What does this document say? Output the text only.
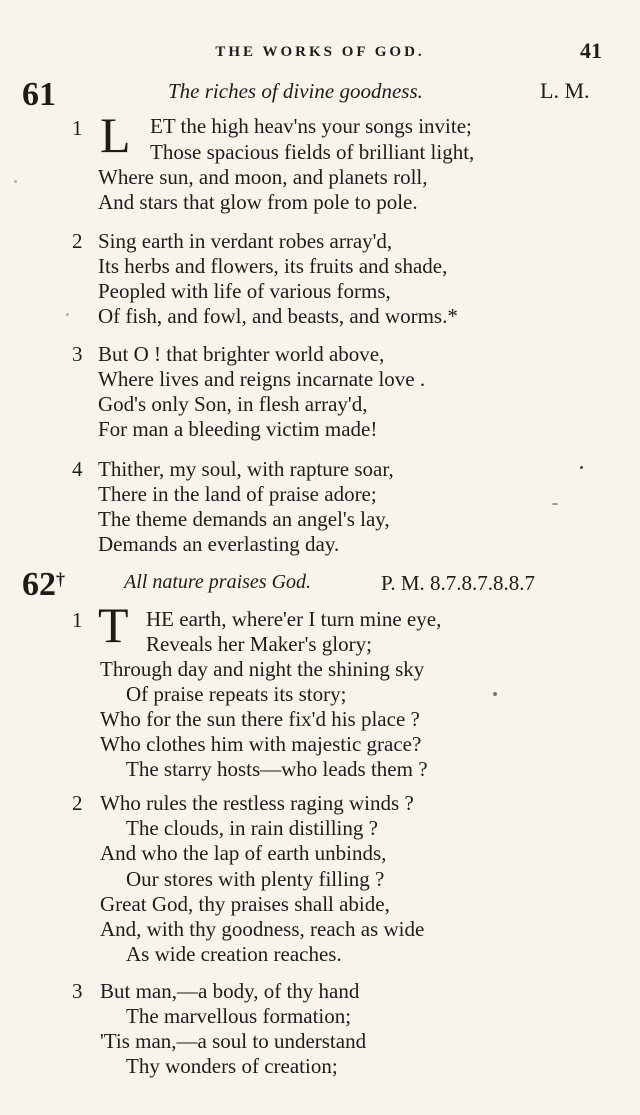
THE WORKS OF GOD.	41
61	The riches of divine goodness.	L. M.
1 L ET the high heav'ns your songs invite;
Those spacious fields of brilliant light,
Where sun, and moon, and planets roll,
And stars that glow from pole to pole.
2 Sing earth in verdant robes array'd,
Its herbs and flowers, its fruits and shade,
Peopled with life of various forms,
Of fish, and fowl, and beasts, and worms.*
3 But O ! that brighter world above,
Where lives and reigns incarnate love .
God's only Son, in flesh array'd,
For man a bleeding victim made!
4 Thither, my soul, with rapture soar,
There in the land of praise adore;
The theme demands an angel's lay,
Demands an everlasting day.
62†	All nature praises God.	P. M. 8.7.8.7.8.8.7
1 T HE earth, where'er I turn mine eye,
Reveals her Maker's glory;
Through day and night the shining sky
Of praise repeats its story;
Who for the sun there fix'd his place ?
Who clothes him with majestic grace?
The starry hosts—who leads them ?
2 Who rules the restless raging winds ?
The clouds, in rain distilling ?
And who the lap of earth unbinds,
Our stores with plenty filling ?
Great God, thy praises shall abide,
And, with thy goodness, reach as wide
As wide creation reaches.
3 But man,—a body, of thy hand
The marvellous formation;
'Tis man,—a soul to understand
Thy wonders of creation;
